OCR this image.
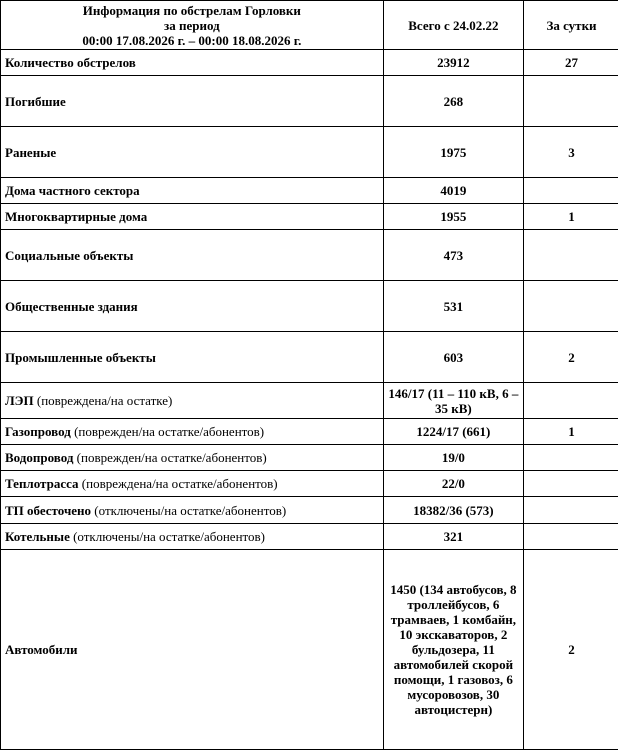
Информация по обстрелам Горловки
за период
00:00 17.08.2026 г. – 00:00 18.08.2026 г.	Всего с 24.02.22	За сутки
Количество обстрелов	23912	27
Погибшие	268	
Раненые	1975	3
Дома частного сектора	4019	
Многоквартирные дома	1955	1
Социальные объекты	473	
Общественные здания	531	
Промышленные объекты	603	2
ЛЭП (повреждена/на остатке)	146/17 (11 – 110 кВ, 6 – 35 кВ)	
Газопровод (поврежден/на остатке/абонентов)	1224/17 (661)	1
Водопровод (поврежден/на остатке/абонентов)	19/0	
Теплотрасса (повреждена/на остатке/абонентов)	22/0	
ТП обесточено (отключены/на остатке/абонентов)	18382/36 (573)	
Котельные (отключены/на остатке/абонентов)	321	
Автомобили	1450 (134 автобусов, 8 троллейбусов, 6 трамваев, 1 комбайн, 10 экскаваторов, 2 бульдозера, 11 автомобилей скорой помощи, 1 газовоз, 6 мусоровозов, 30 автоцистерн)	2
